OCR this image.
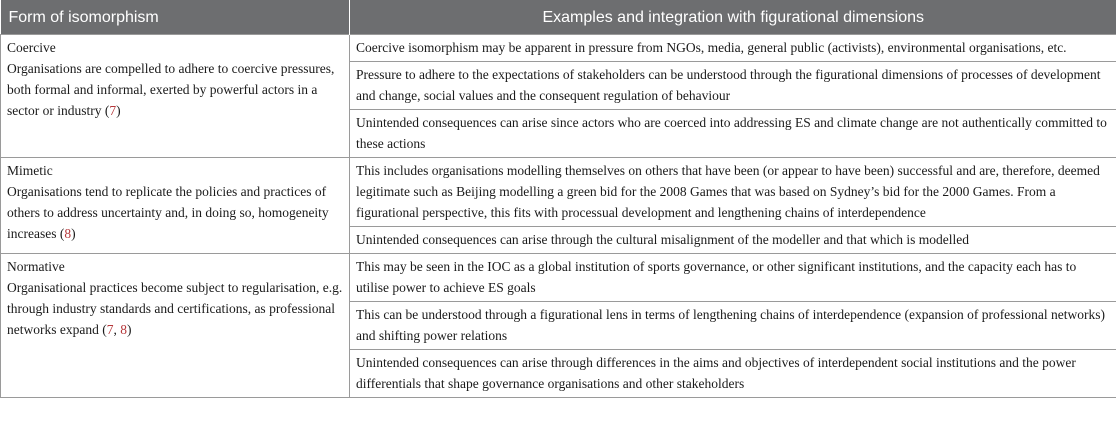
Form of isomorphism	Examples and integration with figurational dimensions

Coercive
Organisations are compelled to adhere to coercive pressures, both formal and informal, exerted by powerful actors in a sector or industry (7)	Coercive isomorphism may be apparent in pressure from NGOs, media, general public (activists), environmental organisations, etc.
	Pressure to adhere to the expectations of stakeholders can be understood through the figurational dimensions of processes of development and change, social values and the consequent regulation of behaviour
	Unintended consequences can arise since actors who are coerced into addressing ES and climate change are not authentically committed to these actions

Mimetic
Organisations tend to replicate the policies and practices of others to address uncertainty and, in doing so, homogeneity increases (8)	This includes organisations modelling themselves on others that have been (or appear to have been) successful and are, therefore, deemed legitimate such as Beijing modelling a green bid for the 2008 Games that was based on Sydney’s bid for the 2000 Games. From a figurational perspective, this fits with processual development and lengthening chains of interdependence
	Unintended consequences can arise through the cultural misalignment of the modeller and that which is modelled

Normative
Organisational practices become subject to regularisation, e.g. through industry standards and certifications, as professional networks expand (7, 8)	This may be seen in the IOC as a global institution of sports governance, or other significant institutions, and the capacity each has to utilise power to achieve ES goals
	This can be understood through a figurational lens in terms of lengthening chains of interdependence (expansion of professional networks) and shifting power relations
	Unintended consequences can arise through differences in the aims and objectives of interdependent social institutions and the power differentials that shape governance organisations and other stakeholders
